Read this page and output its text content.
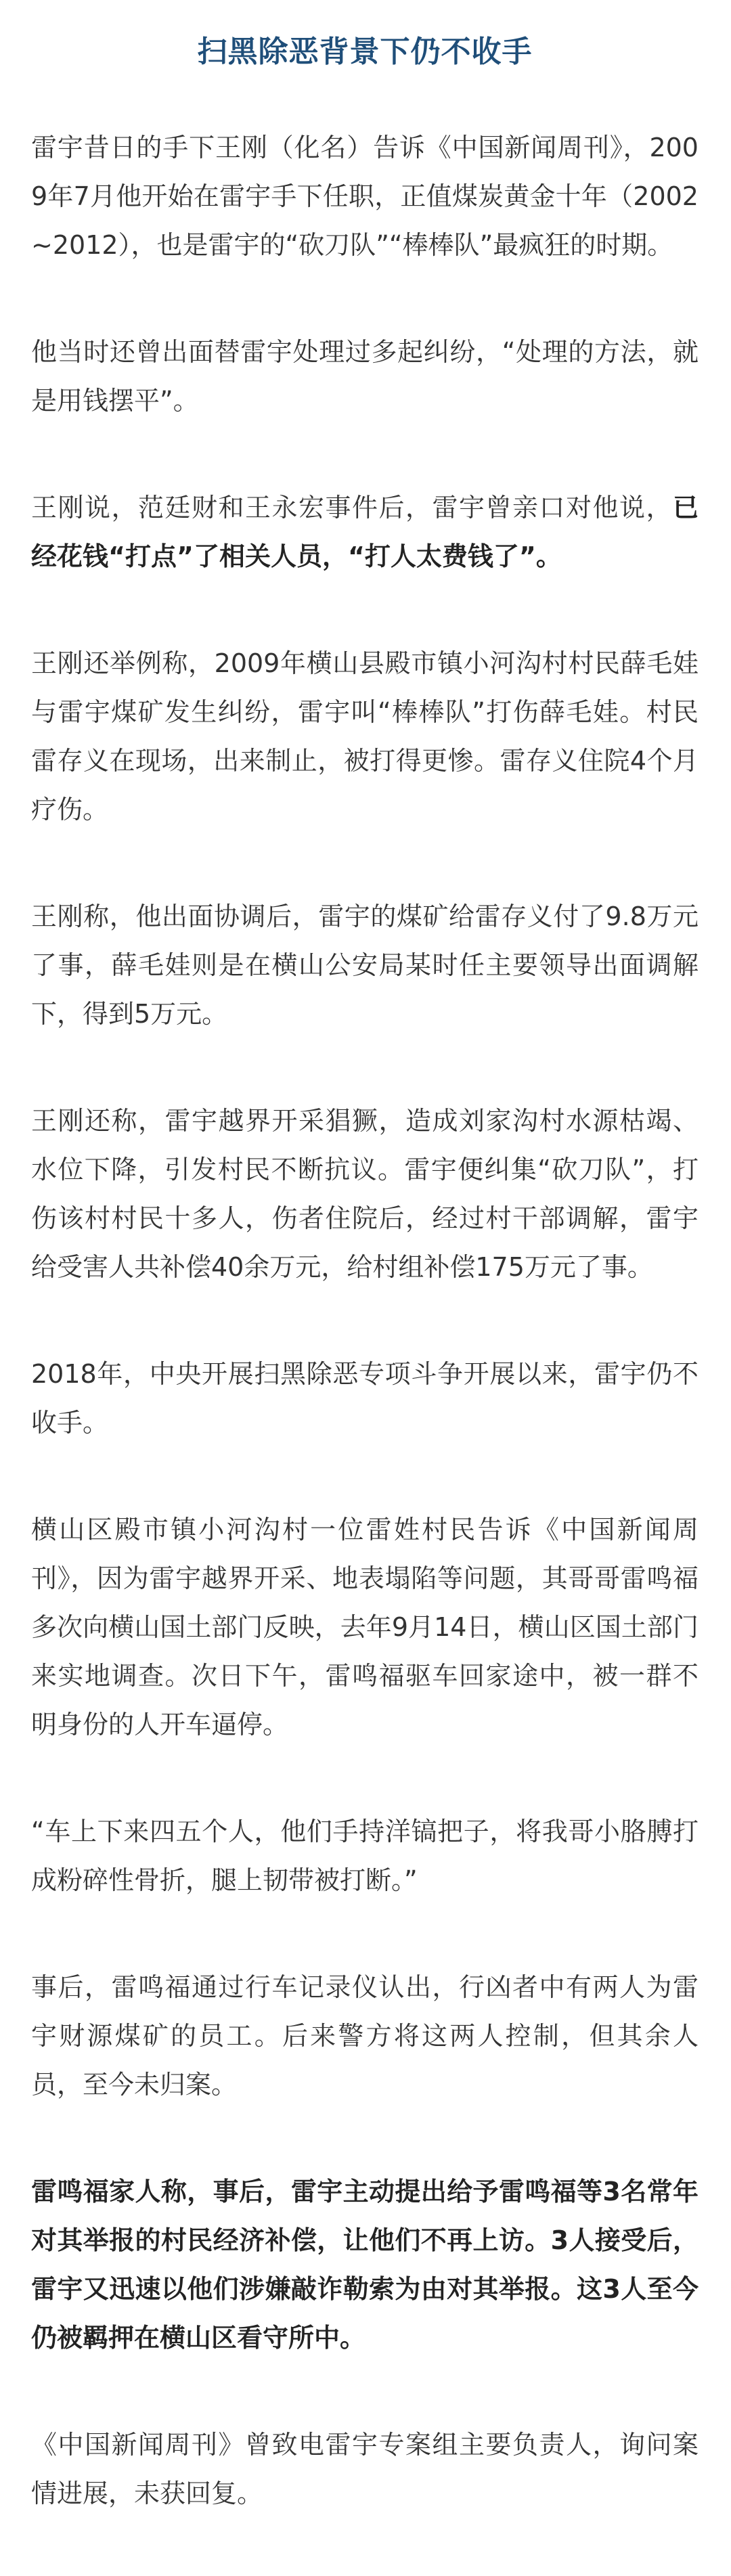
扫黑除恶背景下仍不收手

雷宇昔日的手下王刚（化名）告诉《中国新闻周刊》，2009年7月他开始在雷宇手下任职，正值煤炭黄金十年（2002~2012），也是雷宇的“砍刀队”“棒棒队”最疯狂的时期。

他当时还曾出面替雷宇处理过多起纠纷，“处理的方法，就是用钱摆平”。

王刚说，范廷财和王永宏事件后，雷宇曾亲口对他说，已经花钱“打点”了相关人员，“打人太费钱了”。

王刚还举例称，2009年横山县殿市镇小河沟村村民薛毛娃与雷宇煤矿发生纠纷，雷宇叫“棒棒队”打伤薛毛娃。村民雷存义在现场，出来制止，被打得更惨。雷存义住院4个月疗伤。

王刚称，他出面协调后，雷宇的煤矿给雷存义付了9.8万元了事，薛毛娃则是在横山公安局某时任主要领导出面调解下，得到5万元。

王刚还称，雷宇越界开采猖獗，造成刘家沟村水源枯竭、水位下降，引发村民不断抗议。雷宇便纠集“砍刀队”，打伤该村村民十多人，伤者住院后，经过村干部调解，雷宇给受害人共补偿40余万元，给村组补偿175万元了事。

2018年，中央开展扫黑除恶专项斗争开展以来，雷宇仍不收手。

横山区殿市镇小河沟村一位雷姓村民告诉《中国新闻周刊》，因为雷宇越界开采、地表塌陷等问题，其哥哥雷鸣福多次向横山国土部门反映，去年9月14日，横山区国土部门来实地调查。次日下午，雷鸣福驱车回家途中，被一群不明身份的人开车逼停。

“车上下来四五个人，他们手持洋镐把子，将我哥小胳膊打成粉碎性骨折，腿上韧带被打断。”

事后，雷鸣福通过行车记录仪认出，行凶者中有两人为雷宇财源煤矿的员工。后来警方将这两人控制，但其余人员，至今未归案。

雷鸣福家人称，事后，雷宇主动提出给予雷鸣福等3名常年对其举报的村民经济补偿，让他们不再上访。3人接受后，雷宇又迅速以他们涉嫌敲诈勒索为由对其举报。这3人至今仍被羁押在横山区看守所中。

《中国新闻周刊》曾致电雷宇专案组主要负责人，询问案情进展，未获回复。
